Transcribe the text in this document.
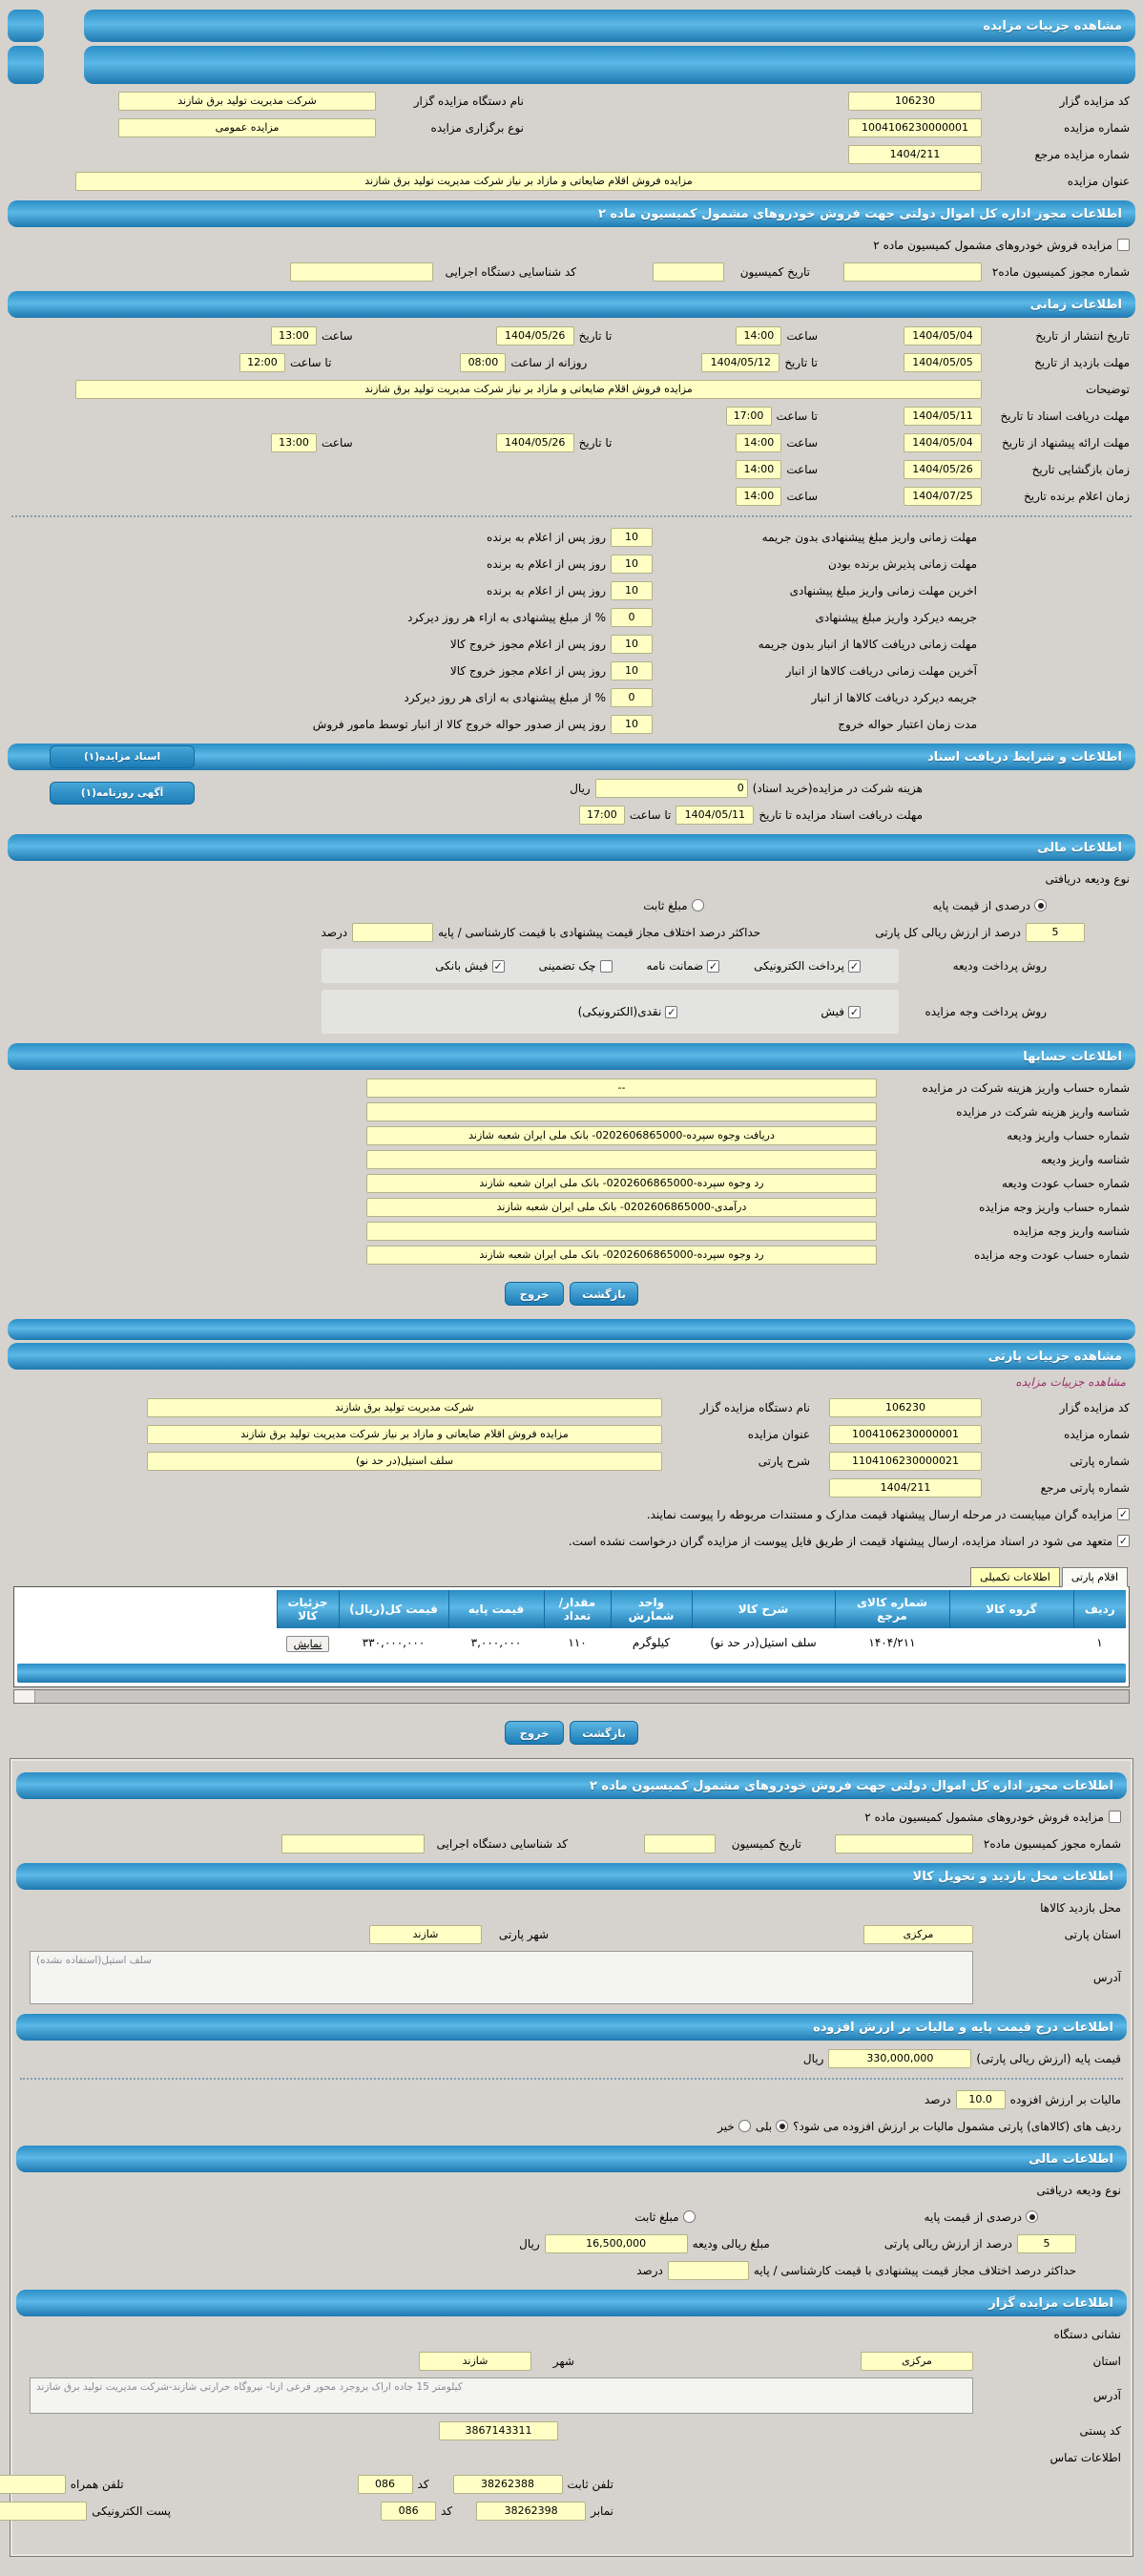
مشاهده جزییات مزایده
کد مزایده گزار
106230
نام دستگاه مزایده گزار
شرکت مدیریت تولید برق شازند
شماره مزایده
1004106230000001
نوع برگزاری مزایده
مزایده عمومی
شماره مزایده مرجع
1404/211
عنوان مزایده
مزایده فروش اقلام ضایعاتی و مازاد بر نیاز شرکت مدیریت تولید برق شازند
اطلاعات مجوز اداره کل اموال دولتی جهت فروش خودروهای مشمول کمیسیون ماده ۲
مزایده فروش خودروهای مشمول کمیسیون ماده ۲
شماره مجوز کمیسیون ماده۲
تاریخ کمیسیون
کد شناسایی دستگاه اجرایی
اطلاعات زمانی
تاریخ انتشار از تاریخ
1404/05/04
ساعت
14:00
تا تاریخ
1404/05/26
ساعت
13:00
مهلت بازدید از تاریخ
1404/05/05
تا تاریخ
1404/05/12
روزانه از ساعت
08:00
تا ساعت
12:00
توضیحات
مزایده فروش اقلام ضایعاتی و مازاد بر نیاز شرکت مدیریت تولید برق شازند
مهلت دریافت اسناد تا تاریخ
1404/05/11
تا ساعت
17:00
مهلت ارائه پیشنهاد از تاریخ
1404/05/04
ساعت
14:00
تا تاریخ
1404/05/26
ساعت
13:00
زمان بازگشایی تاریخ
1404/05/26
ساعت
14:00
زمان اعلام برنده تاریخ
1404/07/25
ساعت
14:00
مهلت زمانی واریز مبلغ پیشنهادی بدون جریمه
10
روز پس از اعلام به برنده
مهلت زمانی پذیرش برنده بودن
10
روز پس از اعلام به برنده
اخرین مهلت زمانی واریز مبلغ پیشنهادی
10
روز پس از اعلام به برنده
جریمه دیرکرد واریز مبلغ پیشنهادی
0
% از مبلغ پیشنهادی به ازاء هر روز دیرکرد
مهلت زمانی دریافت کالاها از انبار بدون جریمه
10
روز پس از اعلام مجوز خروج کالا
آخرین مهلت زمانی دریافت کالاها از انبار
10
روز پس از اعلام مجوز خروج کالا
جریمه دیرکرد دریافت کالاها از انبار
0
% از مبلغ پیشنهادی به ازای هر روز دیرکرد
مدت زمان اعتبار حواله خروج
10
روز پس از صدور حواله خروج کالا از انبار توسط مامور فروش
اطلاعات و شرایط دریافت اسناد
اسناد مزایده(۱)
آگهی روزنامه(۱)	هزینه شرکت در مزایده(خرید اسناد)
0
ریال
مهلت دریافت اسناد مزایده تا تاریخ
1404/05/11
تا ساعت
17:00
اطلاعات مالی
نوع ودیعه دریافتی
درصدی از قیمت پایه
مبلغ ثابت
5
درصد از ارزش ریالی کل پارتی
حداکثر درصد اختلاف مجاز قیمت پیشنهادی با قیمت کارشناسی / پایه
درصد
روش پرداخت ودیعه
✓
پرداخت الکترونیکی
✓
ضمانت نامه
چک تضمینی
✓
فیش بانکی
روش پرداخت وجه مزایده
✓
فیش
✓
نقدی(الکترونیکی)
اطلاعات حسابها
شماره حساب واریز هزینه شرکت در مزایده
--
شناسه واریز هزینه شرکت در مزایده
شماره حساب واریز ودیعه
دریافت وجوه سپرده-0202606865000- بانک ملی ایران شعبه شازند
شناسه واریز ودیعه
شماره حساب عودت ودیعه
رد وجوه سپرده-0202606865000- بانک ملی ایران شعبه شازند
شماره حساب واریز وجه مزایده
درآمدی-0202606865000- بانک ملی ایران شعبه شازند
شناسه واریز وجه مزایده
شماره حساب عودت وجه مزایده
رد وجوه سپرده-0202606865000- بانک ملی ایران شعبه شازند
بازگشت
خروج
مشاهده جزییات پارتی
مشاهده جزییات مزایده
کد مزایده گزار
106230
نام دستگاه مزایده گزار
شرکت مدیریت تولید برق شازند
شماره مزایده
1004106230000001
عنوان مزایده
مزایده فروش اقلام ضایعاتی و مازاد بر نیاز شرکت مدیریت تولید برق شازند
شماره پارتی
1104106230000021
شرح پارتی
سلف استیل(در حد نو)
شماره پارتی مرجع
1404/211
✓
مزایده گران میبایست در مرحله ارسال پیشنهاد قیمت مدارک و مستندات مربوطه را پیوست نمایند.
✓
متعهد می شود در اسناد مزایده، ارسال پیشنهاد قیمت از طریق فایل پیوست از مزایده گران درخواست نشده است.
اقلام پارتی
اطلاعات تکمیلی
ردیف	گروه کالا	شماره کالای مرجع	شرح کالا	واحد شمارش	مقدار/ تعداد	قیمت پایه	قیمت کل(ریال)	جزئیات کالا
۱		۱۴۰۴/۲۱۱	سلف استیل(در حد نو)	کیلوگرم	۱۱۰	۳,۰۰۰,۰۰۰	۳۳۰,۰۰۰,۰۰۰	نمایش
بازگشت
خروج
اطلاعات مجوز اداره کل اموال دولتی جهت فروش خودروهای مشمول کمیسیون ماده ۲
مزایده فروش خودروهای مشمول کمیسیون ماده ۲
شماره مجوز کمیسیون ماده۲
تاریخ کمیسیون
کد شناسایی دستگاه اجرایی
اطلاعات محل بازدید و تحویل کالا
محل بازدید کالاها
استان پارتی
مرکزی
شهر پارتی
شازند
آدرس
سلف استیل(استفاده نشده)
اطلاعات درج قیمت پایه و مالیات بر ارزش افزوده
قیمت پایه (ارزش ریالی پارتی)
330,000,000
ریال
مالیات بر ارزش افزوده
10.0
درصد
ردیف های (کالاهای) پارتی مشمول مالیات بر ارزش افزوده می شود؟
بلی
خیر
اطلاعات مالی
نوع ودیعه دریافتی
درصدی از قیمت پایه
مبلغ ثابت
5
درصد از ارزش ریالی پارتی
مبلغ ریالی ودیعه
16,500,000
ریال
حداکثر درصد اختلاف مجاز قیمت پیشنهادی با قیمت کارشناسی / پایه
درصد
اطلاعات مزایده گزار
نشانی دستگاه
استان
مرکزی
شهر
شازند
آدرس
کیلومتر 15 جاده اراک بروجرد محور فرعی ازنا- نیروگاه حرارتی شازند-شرکت مدیریت تولید برق شازند
کد پستی
3867143311
اطلاعات تماس
تلفن ثابت
38262388
کد
086
تلفن همراه
نمابر
38262398
کد
086
پست الکترونیکی
